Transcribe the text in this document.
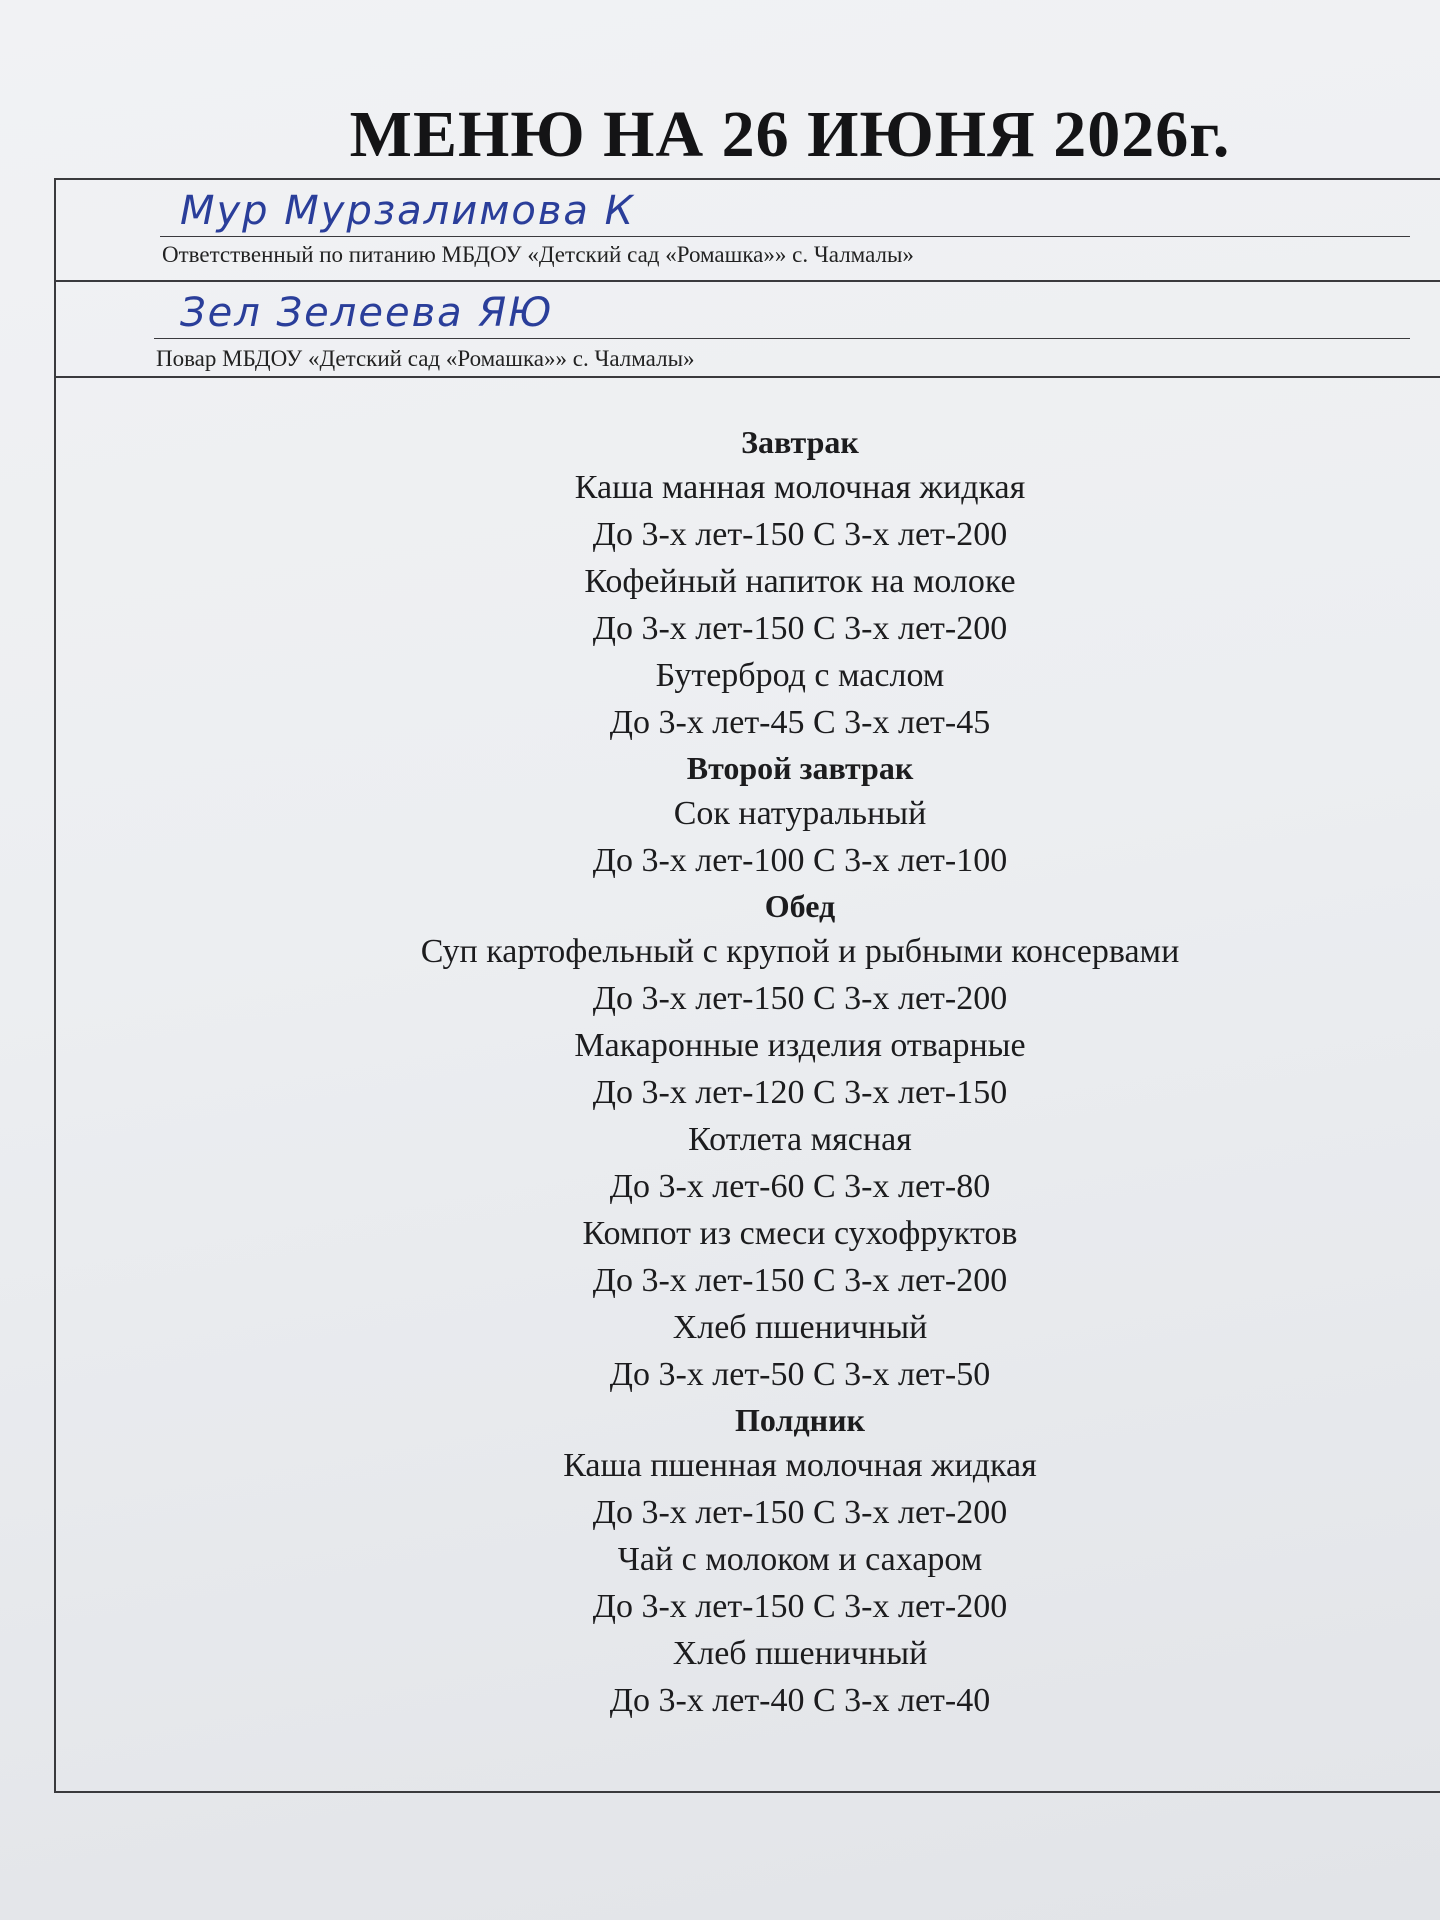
МЕНЮ НА 26 ИЮНЯ 2026г.
Мур Мурзалимова К
Ответственный по питанию МБДОУ «Детский сад «Ромашка»» с. Чалмалы»
Зел Зелеева ЯЮ
Повар МБДОУ «Детский сад «Ромашка»» с. Чалмалы»
Завтрак
Каша манная молочная жидкая
До 3-х лет-150 С 3-х лет-200
Кофейный напиток на молоке
До 3-х лет-150 С 3-х лет-200
Бутерброд с маслом
До 3-х лет-45 С 3-х лет-45
Второй завтрак
Сок натуральный
До 3-х лет-100 С 3-х лет-100
Обед
Суп картофельный с крупой и рыбными консервами
До 3-х лет-150 С 3-х лет-200
Макаронные изделия отварные
До 3-х лет-120 С 3-х лет-150
Котлета мясная
До 3-х лет-60 С 3-х лет-80
Компот из смеси сухофруктов
До 3-х лет-150 С 3-х лет-200
Хлеб пшеничный
До 3-х лет-50 С 3-х лет-50
Полдник
Каша пшенная молочная жидкая
До 3-х лет-150 С 3-х лет-200
Чай с молоком и сахаром
До 3-х лет-150 С 3-х лет-200
Хлеб пшеничный
До 3-х лет-40 С 3-х лет-40
